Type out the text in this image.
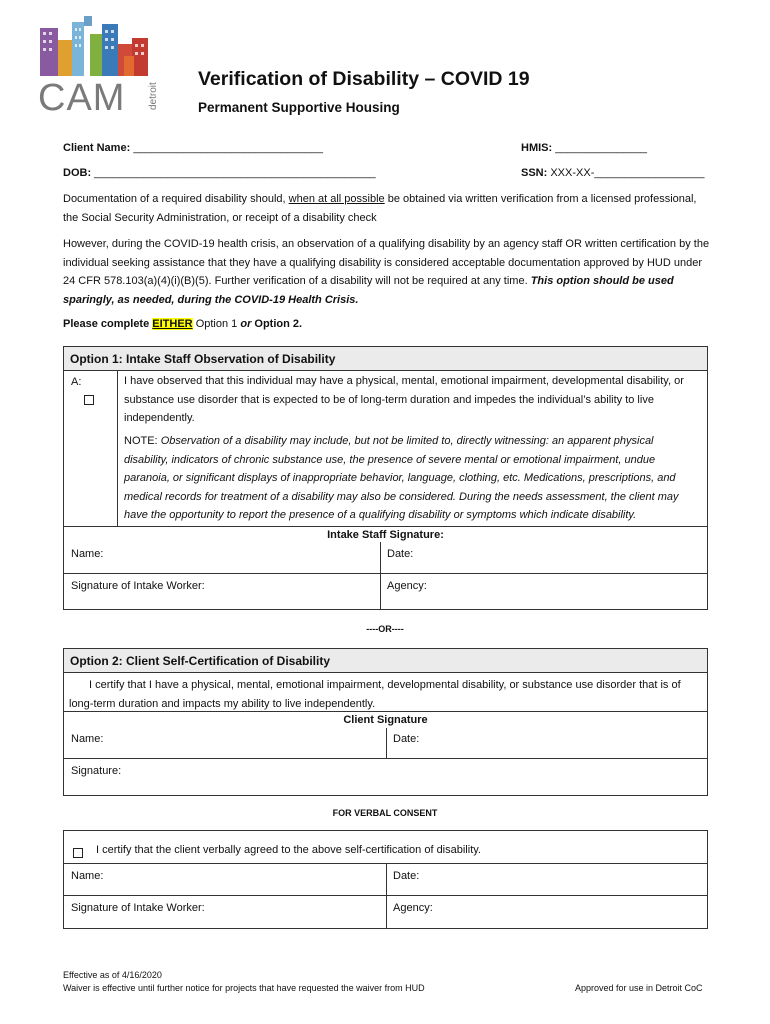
CAM detroit
Verification of Disability – COVID 19
Permanent Supportive Housing
Client Name: _______________________________	HMIS: _______________
DOB: ______________________________________________	SSN: XXX-XX-__________________
Documentation of a required disability should, when at all possible be obtained via written verification from a licensed professional, the Social Security Administration, or receipt of a disability check
However, during the COVID-19 health crisis, an observation of a qualifying disability by an agency staff OR written certification by the individual seeking assistance that they have a qualifying disability is considered acceptable documentation approved by HUD under 24 CFR 578.103(a)(4)(i)(B)(5). Further verification of a disability will not be required at any time. This option should be used sparingly, as needed, during the COVID-19 Health Crisis.
Please complete EITHER Option 1 or Option 2.
Option 1: Intake Staff Observation of Disability
A:	I have observed that this individual may have a physical, mental, emotional impairment, developmental disability, or substance use disorder that is expected to be of long-term duration and impedes the individual’s ability to live independently.
NOTE: Observation of a disability may include, but not be limited to, directly witnessing: an apparent physical disability, indicators of chronic substance use, the presence of severe mental or emotional impairment, undue paranoia, or significant displays of inappropriate behavior, language, clothing, etc. Medications, prescriptions, and medical records for treatment of a disability may also be considered. During the needs assessment, the client may have the opportunity to report the presence of a qualifying disability or symptoms which indicate disability.
Intake Staff Signature:
Name:	Date:
Signature of Intake Worker:	Agency:
----OR----
Option 2: Client Self-Certification of Disability
I certify that I have a physical, mental, emotional impairment, developmental disability, or substance use disorder that is of long-term duration and impacts my ability to live independently.
Client Signature
Name:	Date:
Signature:
FOR VERBAL CONSENT
I certify that the client verbally agreed to the above self-certification of disability.
Name:	Date:
Signature of Intake Worker:	Agency:
Effective as of 4/16/2020
Waiver is effective until further notice for projects that have requested the waiver from HUD	Approved for use in Detroit CoC
